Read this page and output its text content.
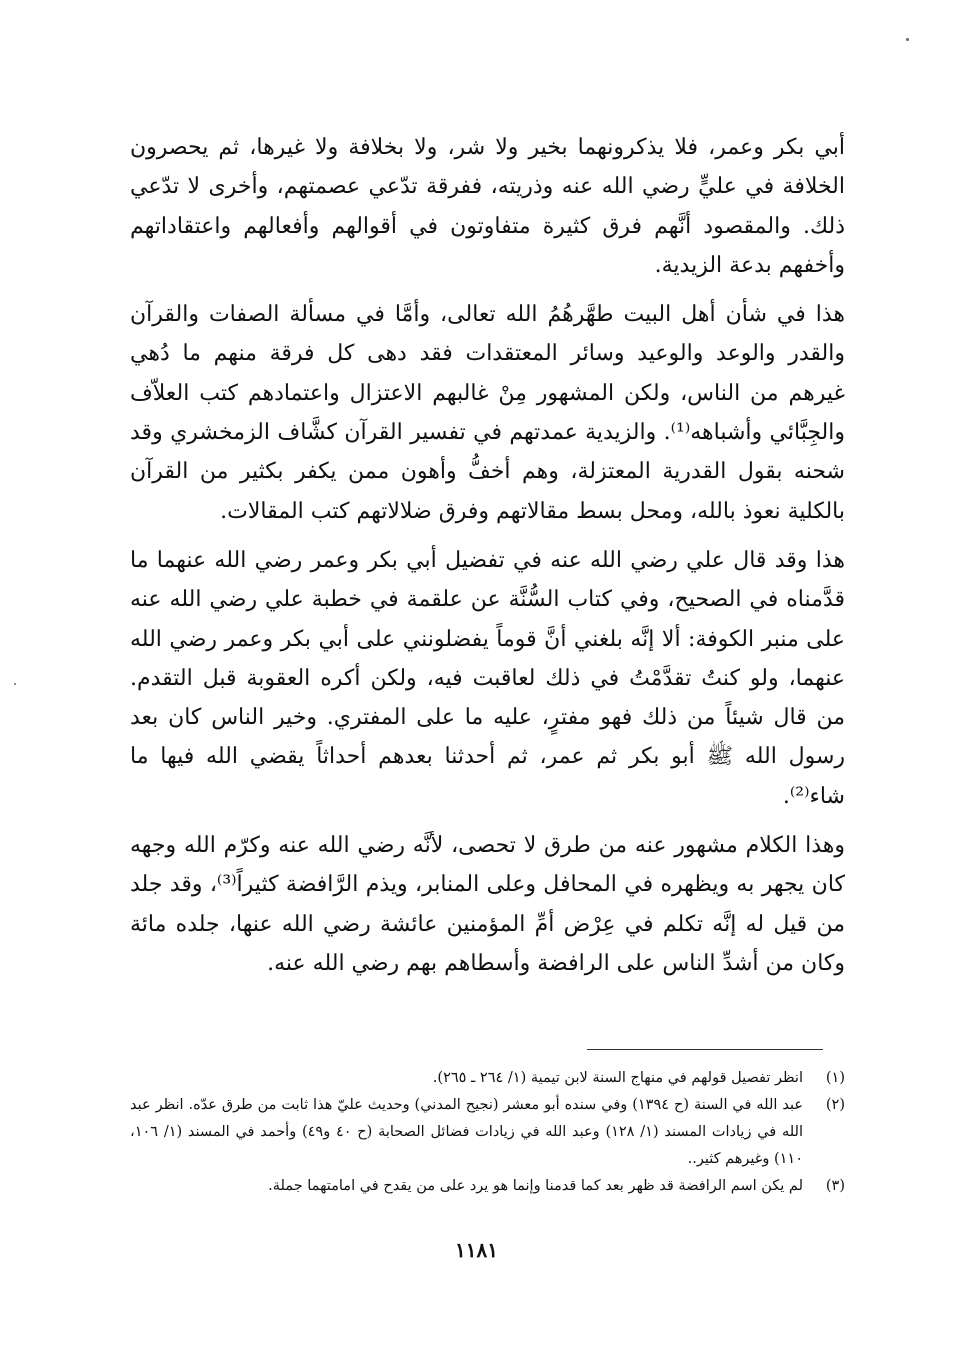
أبي بكر وعمر، فلا يذكرونهما بخير ولا شر، ولا بخلافة ولا غيرها، ثم يحصرون الخلافة في عليٍّ رضي الله عنه وذريته، ففرقة تدّعي عصمتهم، وأخرى لا تدّعي ذلك. والمقصود أنَّهم فرق كثيرة متفاوتون في أقوالهم وأفعالهم واعتقاداتهم وأخفهم بدعة الزيدية.

هذا في شأن أهل البيت طهَّرهُمُ الله تعالى، وأمَّا في مسألة الصفات والقرآن والقدر والوعد والوعيد وسائر المعتقدات فقد دهى كل فرقة منهم ما دُهي غيرهم من الناس، ولكن المشهور مِنْ غالبهم الاعتزال واعتمادهم كتب العلاّف والجِبَّائي وأشباهه⁽¹⁾. والزيدية عمدتهم في تفسير القرآن كشَّاف الزمخشري وقد شحنه بقول القدرية المعتزلة، وهم أخفُّ وأهون ممن يكفر بكثير من القرآن بالكلية نعوذ بالله، ومحل بسط مقالاتهم وفرق ضلالاتهم كتب المقالات.

هذا وقد قال علي رضي الله عنه في تفضيل أبي بكر وعمر رضي الله عنهما ما قدَّمناه في الصحيح، وفي كتاب السُّنَّة عن علقمة في خطبة علي رضي الله عنه على منبر الكوفة: ألا إنَّه بلغني أنَّ قوماً يفضلونني على أبي بكر وعمر رضي الله عنهما، ولو كنتُ تقدَّمْتُ في ذلك لعاقبت فيه، ولكن أكره العقوبة قبل التقدم. من قال شيئاً من ذلك فهو مفترٍ، عليه ما على المفتري. وخير الناس كان بعد رسول الله ﷺ أبو بكر ثم عمر، ثم أحدثنا بعدهم أحداثاً يقضي الله فيها ما شاء⁽²⁾.

وهذا الكلام مشهور عنه من طرق لا تحصى، لأنَّه رضي الله عنه وكرّم الله وجهه كان يجهر به ويظهره في المحافل وعلى المنابر، ويذم الرَّافضة كثيراً⁽³⁾، وقد جلد من قيل له إنَّه تكلم في عِرْض أمِّ المؤمنين عائشة رضي الله عنها، جلده مائة وكان من أشدِّ الناس على الرافضة وأسطاهم بهم رضي الله عنه.

(١)
انظر تفصيل قولهم في منهاج السنة لابن تيمية (١/ ٢٦٤ ـ ٢٦٥).
(٢)
عبد الله في السنة (ح ١٣٩٤) وفي سنده أبو معشر (نجيح المدني) وحديث عليّ هذا ثابت من طرق عدّه. انظر عبد الله في زيادات المسند (١/ ١٢٨) وعبد الله في زيادات فضائل الصحابة (ح ٤٠ و٤٩) وأحمد في المسند (١/ ١٠٦، ١١٠) وغيرهم كثير..
(٣)
لم يكن اسم الرافضة قد ظهر بعد كما قدمنا وإنما هو يرد على من يقدح في امامتهما جملة.
١١٨١
